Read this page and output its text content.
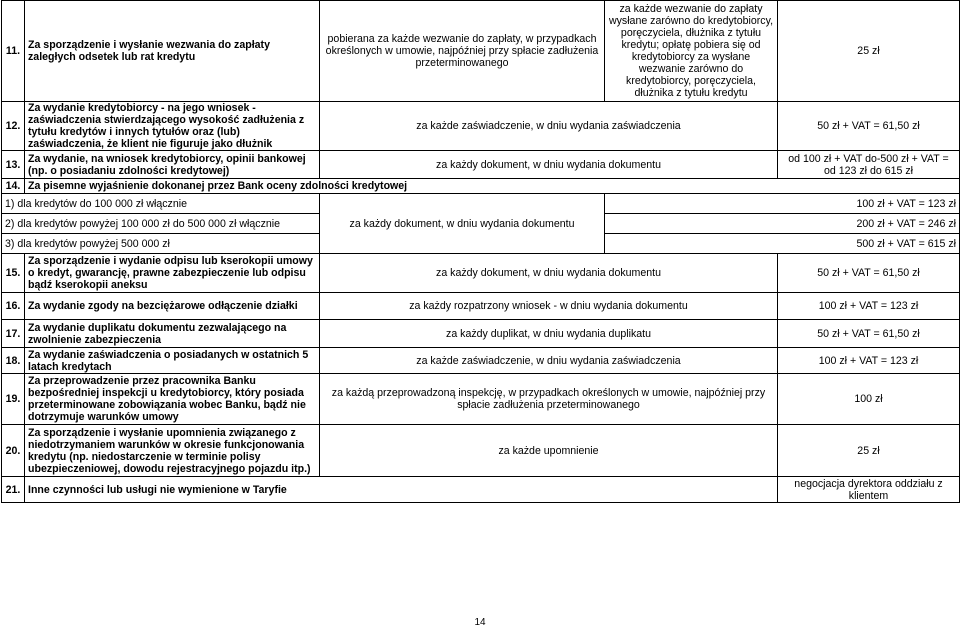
11.	Za sporządzenie i wysłanie wezwania do zapłaty zaległych odsetek lub rat kredytu	pobierana za każde wezwanie do zapłaty, w przypadkach określonych w umowie, najpóźniej przy spłacie zadłużenia przeterminowanego	za każde wezwanie do zapłaty wysłane zarówno do kredytobiorcy, poręczyciela, dłużnika z tytułu kredytu; opłatę pobiera się od kredytobiorcy za wysłane wezwanie zarówno do kredytobiorcy, poręczyciela, dłużnika z tytułu kredytu	25 zł
12.	Za wydanie kredytobiorcy - na jego wniosek - zaświadczenia stwierdzającego wysokość zadłużenia z tytułu kredytów i innych tytułów oraz (lub) zaświadczenia, że klient nie figuruje jako dłużnik	za każde zaświadczenie, w dniu wydania zaświadczenia		50 zł + VAT = 61,50 zł
13.	Za wydanie, na wniosek kredytobiorcy, opinii bankowej (np. o posiadaniu zdolności kredytowej)	za każdy dokument, w dniu wydania dokumentu		od 100 zł + VAT do-500 zł + VAT = od 123 zł do 615 zł
14.	Za pisemne wyjaśnienie dokonanej przez Bank oceny zdolności kredytowej			
1) dla kredytów do 100 000 zł włącznie		za każdy dokument, w dniu wydania dokumentu	100 zł + VAT = 123 zł	
2) dla kredytów powyżej 100 000 zł do 500 000 zł włącznie			200 zł + VAT = 246 zł	
3) dla kredytów powyżej 500 000 zł			500 zł + VAT = 615 zł	
15.	Za sporządzenie i wydanie odpisu lub kserokopii umowy o kredyt, gwarancję, prawne zabezpieczenie lub odpisu bądź kserokopii aneksu	za każdy dokument, w dniu wydania dokumentu		50 zł + VAT = 61,50 zł
16.	Za wydanie zgody na bezciężarowe odłączenie działki	za każdy rozpatrzony wniosek - w dniu wydania dokumentu		100 zł + VAT = 123 zł
17.	Za wydanie duplikatu dokumentu zezwalającego na zwolnienie zabezpieczenia	za każdy duplikat, w dniu wydania duplikatu		50 zł + VAT = 61,50 zł
18.	Za wydanie zaświadczenia o posiadanych w ostatnich 5 latach kredytach	za każde zaświadczenie, w dniu wydania zaświadczenia		100 zł + VAT = 123 zł
19.	Za przeprowadzenie przez pracownika Banku bezpośredniej inspekcji u kredytobiorcy, który posiada przeterminowane zobowiązania wobec Banku, bądź nie dotrzymuje warunków umowy	za każdą przeprowadzoną inspekcję, w przypadkach określonych w umowie, najpóźniej przy spłacie zadłużenia przeterminowanego		100 zł
20.	Za sporządzenie i wysłanie upomnienia związanego z niedotrzymaniem warunków w okresie funkcjonowania kredytu (np. niedostarczenie w terminie polisy ubezpieczeniowej, dowodu rejestracyjnego pojazdu itp.)	za każde upomnienie		25 zł
21.	Inne czynności lub usługi nie wymienione w Taryfie			negocjacja dyrektora oddziału z klientem
14
